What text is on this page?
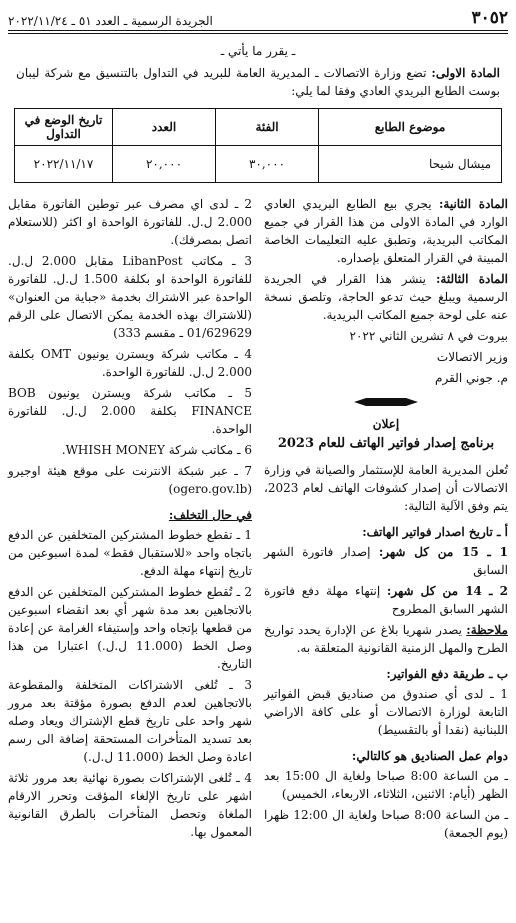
٣٠٥٢
الجريدة الرسمية ـ العدد ٥١ ـ ٢٠٢٢/١١/٢٤
ـ يقرر ما يأتي ـ
المادة الاولى: تضع وزارة الاتصالات ـ المديرية العامة للبريد في التداول بالتنسيق مع شركة ليبان بوست الطابع البريدي العادي وفقا لما يلي:
موضوع الطابع	الفئة	العدد	تاريخ الوضع في التداول
ميشال شيحا	٣٠,٠٠٠	٢٠,٠٠٠	٢٠٢٢/١١/١٧

المادة الثانية: يجري بيع الطابع البريدي العادي الوارد في المادة الاولى من هذا القرار في جميع المكاتب البريدية، وتطبق عليه التعليمات الخاصة المبينة في القرار المتعلق بإصداره.

المادة الثالثة: ينشر هذا القرار في الجريدة الرسمية ويبلغ حيث تدعو الحاجة، وتلصق نسخة عنه على لوحة جميع المكاتب البريدية.

بيروت في ٨ تشرين الثاني ٢٠٢٢

وزير الاتصالات

م. جوني القرم

إعلان
برنامج إصدار فواتير الهاتف للعام 2023

تُعلن المديرية العامة للإستثمار والصيانة في وزارة الاتصالات أن إصدار كشوفات الهاتف لعام 2023، يتم وفق الآلية التالية:

أ ـ تاريخ اصدار فواتير الهاتف:

1 ـ 15 من كل شهر: إصدار فاتورة الشهر السابق

2 ـ 14 من كل شهر: إنتهاء مهلة دفع فاتورة الشهر السابق المطروح

ملاحظة: يصدر شهريا بلاغ عن الإدارة يحدد تواريخ الطرح والمهل الزمنية القانونية المتعلقة به.

ب ـ طريقة دفع الفواتير:

1 ـ لدى أي صندوق من صناديق قبض الفواتير التابعة لوزارة الاتصالات أو على كافة الاراضي اللبنانية (نقدا أو بالتقسيط)

دوام عمل الصناديق هو كالتالي:

ـ من الساعة 8:00 صباحا ولغاية ال 15:00 بعد الظهر (أيام: الاثنين، الثلاثاء، الاربعاء، الخميس)

ـ من الساعة 8:00 صباحا ولغاية ال 12:00 ظهرا (يوم الجمعة)

2 ـ لدى اي مصرف عبر توطين الفاتورة مقابل 2.000 ل.ل. للفاتورة الواحدة او اكثر (للاستعلام اتصل بمصرفك).

3 ـ مكاتب LibanPost مقابل 2.000 ل.ل. للفاتورة الواحدة او بكلفة 1.500 ل.ل. للفاتورة الواحدة عبر الاشتراك بخدمة «جباية من العنوان» (للاشتراك بهذه الخدمة يمكن الاتصال على الرقم 01/629629 ـ مقسم 333)

4 ـ مكاتب شركة ويسترن يونيون OMT بكلفة 2.000 ل.ل. للفاتورة الواحدة.

5 ـ مكاتب شركة ويسترن يونيون BOB FINANCE بكلفة 2.000 ل.ل. للفاتورة الواحدة.

6 ـ مكاتب شركة WHISH MONEY.

7 ـ عبر شبكة الانترنت على موقع هيئة اوجيرو (ogero.gov.lb)

في حال التخلف:

1 ـ تقطع خطوط المشتركين المتخلفين عن الدفع باتجاه واحد «للاستقبال فقط» لمدة اسبوعين من تاريخ إنتهاء مهلة الدفع.

2 ـ تُقطع خطوط المشتركين المتخلفين عن الدفع بالاتجاهين بعد مدة شهر أي بعد انقضاء اسبوعين من قطعها بإتجاه واحد وإستيفاء الغرامة عن إعادة وصل الخط (11.000 ل.ل.) اعتبارا من هذا التاريخ.

3 ـ تُلغى الاشتراكات المتخلفة والمقطوعة بالاتجاهين لعدم الدفع بصورة مؤقتة بعد مرور شهر واحد على تاريخ قطع الإشتراك ويعاد وصله بعد تسديد المتأخرات المستحقة إضافة الى رسم اعادة وصل الخط (11.000 ل.ل.)

4 ـ تُلغى الإشتراكات بصورة نهائية بعد مرور ثلاثة اشهر على تاريخ الإلغاء المؤقت وتحرر الارقام الملغاة وتحصل المتأخرات بالطرق القانونية المعمول بها.
